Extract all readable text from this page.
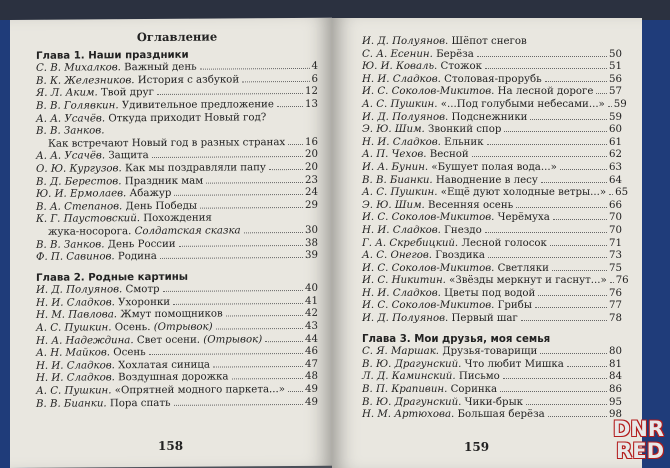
Оглавление
Глава 1. Наши праздники
С. В. Михалков.
Важный день	4
В. К. Железников.
История с азбукой	6
Я. Л. Аким.
Твой друг	12
В. В. Голявкин.
Удивительное предложение	13
А. А. Усачёв.
Откуда приходит Новый год?
В. В. Занков.

Как встречают Новый год в разных странах 16
А. А. Усачёв.
Защита	20
О. Ю. Кургузов.
Как мы поздравляли папу	20
В. Д. Берестов.
Праздник мам	23
Ю. И. Ермолаев.
Абажур	24
В. А. Степанов.
День Победы	29
К. Г. Паустовский.
Похождения
жука-носорога.
Солдатская сказка	30
В. В. Занков.
День России	38
Ф. П. Савинов.
Родина	39
Глава 2. Родные картины
И. Д. Полуянов.
Смотр	40
Н. И. Сладков.
Ухоронки	41
Н. М. Павлова.
Жмут помощников	42
А. С. Пушкин.
Осень.
(Отрывок)	43
Н. А. Надеждина.
Свет осени.
(Отрывок)	44
А. Н. Майков.
Осень	46
Н. И. Сладков.
Хохлатая синица	47
Н. И. Сладков.
Воздушная дорожка	48
А. С. Пушкин.
«Опрятней модного паркета...» 49
В. В. Бианки.
Пора спать	49
158
И. Д. Полуянов.
Шёпот снегов
С. А. Есенин.
Берёза	50
Ю. И. Коваль.
Стожок	51
Н. И. Сладков.
Столовая-прорубь	56
И. С. Соколов-Микитов.
На лесной дороге 57
А. С. Пушкин.
«...Под голубыми небесами...» 59
И. Д. Полуянов.
Подснежники	59
Э. Ю. Шим.
Звонкий спор	60
Н. И. Сладков.
Ельник	61
А. П. Чехов.
Весной	62
И. А. Бунин.
«Бушует полая вода...»	63
В. В. Бианки.
Наводнение в лесу	64
А. С. Пушкин.
«Ещё дуют холодные ветры...» 65
Э. Ю. Шим.
Весенняя осень	66
И. С. Соколов-Микитов.
Черёмуха	70
Н. И. Сладков.
Гнездо	70
Г. А. Скребицкий.
Лесной голосок	71
А. С. Онегов.
Гвоздика	73
И. С. Соколов-Микитов.
Светляки	75
И. С. Никитин.
«Звёзды меркнут и гаснут...» 76
Н. И. Сладков.
Цветы под водой	76
И. С. Соколов-Микитов.
Грибы	77
И. Д. Полуянов.
Первый шаг	78
Глава 3. Мои друзья, моя семья
С. Я. Маршак.
Друзья-товарищи	80
В. Ю. Драгунский.
Что любит Мишка	81
Л. Д. Каминский.
Письмо	84
В. П. Крапивин.
Соринка	86
В. Ю. Драгунский.
Чики-брык	95
Н. М. Артюхова.
Большая берёза	98
159
DNR
RED
